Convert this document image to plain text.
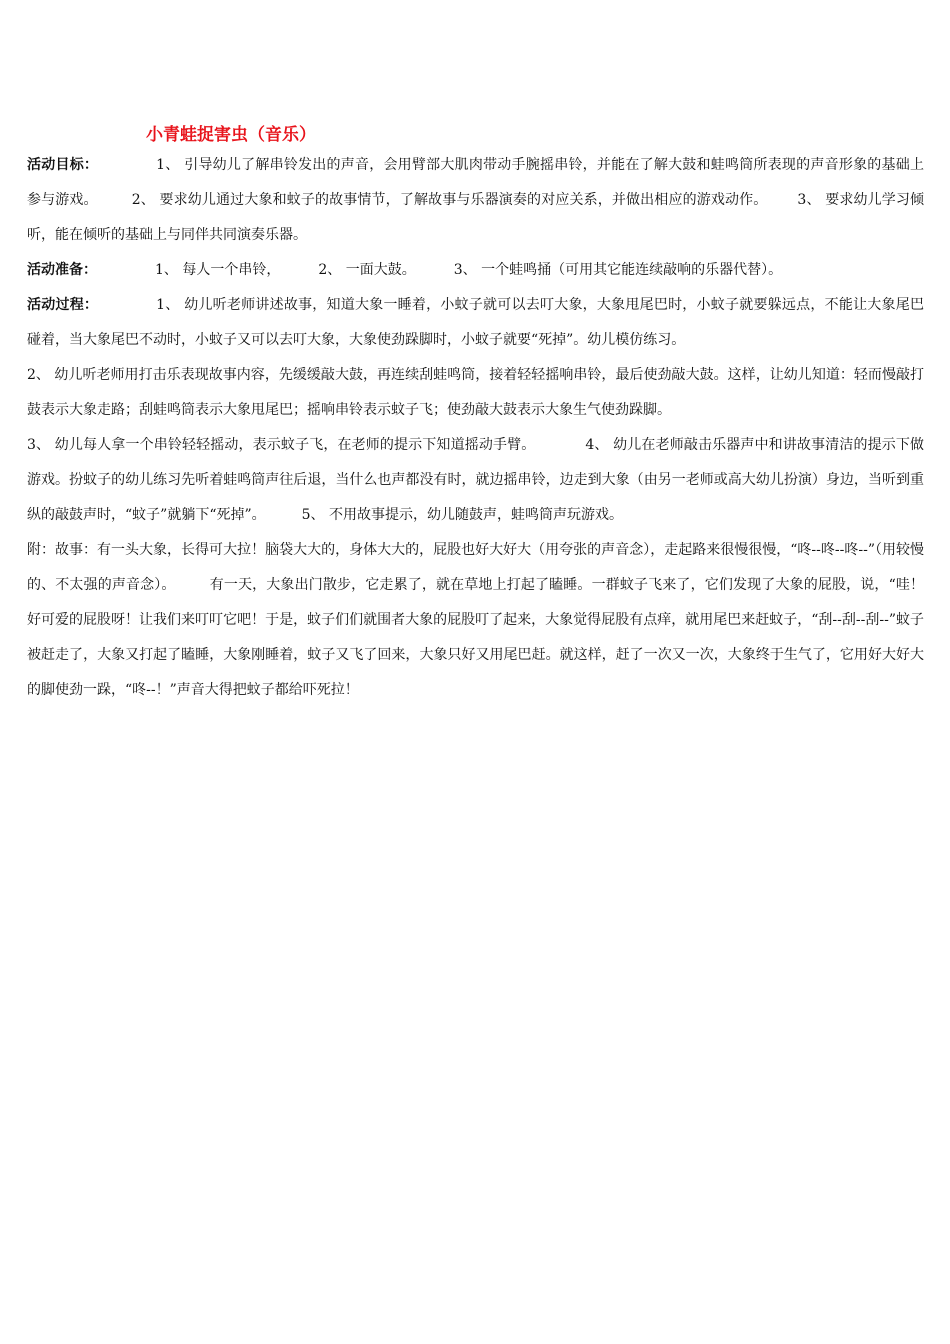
小青蛙捉害虫（音乐）

活动目标：	1、 引导幼儿了解串铃发出的声音，会用臂部大肌肉带动手腕摇串铃，并能在了解大鼓和蛙鸣筒所表现的声音形象的基础上参与游戏。 2、 要求幼儿通过大象和蚊子的故事情节，了解故事与乐器演奏的对应关系，并做出相应的游戏动作。 3、 要求幼儿学习倾听，能在倾听的基础上与同伴共同演奏乐器。

活动准备：	1、 每人一个串铃，	2、 一面大鼓。	3、 一个蛙鸣捅（可用其它能连续敲响的乐器代替）。

活动过程：	1、 幼儿听老师讲述故事，知道大象一睡着，小蚊子就可以去叮大象，大象甩尾巴时，小蚊子就要躲远点，不能让大象尾巴碰着，当大象尾巴不动时，小蚊子又可以去叮大象，大象使劲跺脚时，小蚊子就要“死掉”。幼儿模仿练习。

2、 幼儿听老师用打击乐表现故事内容，先缓缓敲大鼓，再连续刮蛙鸣筒，接着轻轻摇响串铃，最后使劲敲大鼓。这样，让幼儿知道：轻而慢敲打鼓表示大象走路；刮蛙鸣筒表示大象甩尾巴；摇响串铃表示蚊子飞；使劲敲大鼓表示大象生气使劲跺脚。

3、 幼儿每人拿一个串铃轻轻摇动，表示蚊子飞，在老师的提示下知道摇动手臂。	4、 幼儿在老师敲击乐器声中和讲故事清洁的提示下做游戏。扮蚊子的幼儿练习先听着蛙鸣筒声往后退，当什么也声都没有时，就边摇串铃，边走到大象（由另一老师或高大幼儿扮演）身边，当听到重纵的敲鼓声时，“蚊子”就躺下“死掉”。	5、 不用故事提示，幼儿随鼓声，蛙鸣筒声玩游戏。

附：故事：有一头大象，长得可大拉！脑袋大大的，身体大大的，屁股也好大好大（用夸张的声音念），走起路来很慢很慢，“咚--咚--咚--”（用较慢的、不太强的声音念）。 有一天，大象出门散步，它走累了，就在草地上打起了瞌睡。一群蚊子飞来了，它们发现了大象的屁股，说，“哇！好可爱的屁股呀！让我们来叮叮它吧！于是，蚊子们们就围者大象的屁股叮了起来，大象觉得屁股有点痒，就用尾巴来赶蚊子，“刮--刮--刮--”蚊子被赶走了，大象又打起了瞌睡，大象刚睡着，蚊子又飞了回来，大象只好又用尾巴赶。就这样，赶了一次又一次，大象终于生气了，它用好大好大的脚使劲一跺，“咚--！”声音大得把蚊子都给吓死拉！
